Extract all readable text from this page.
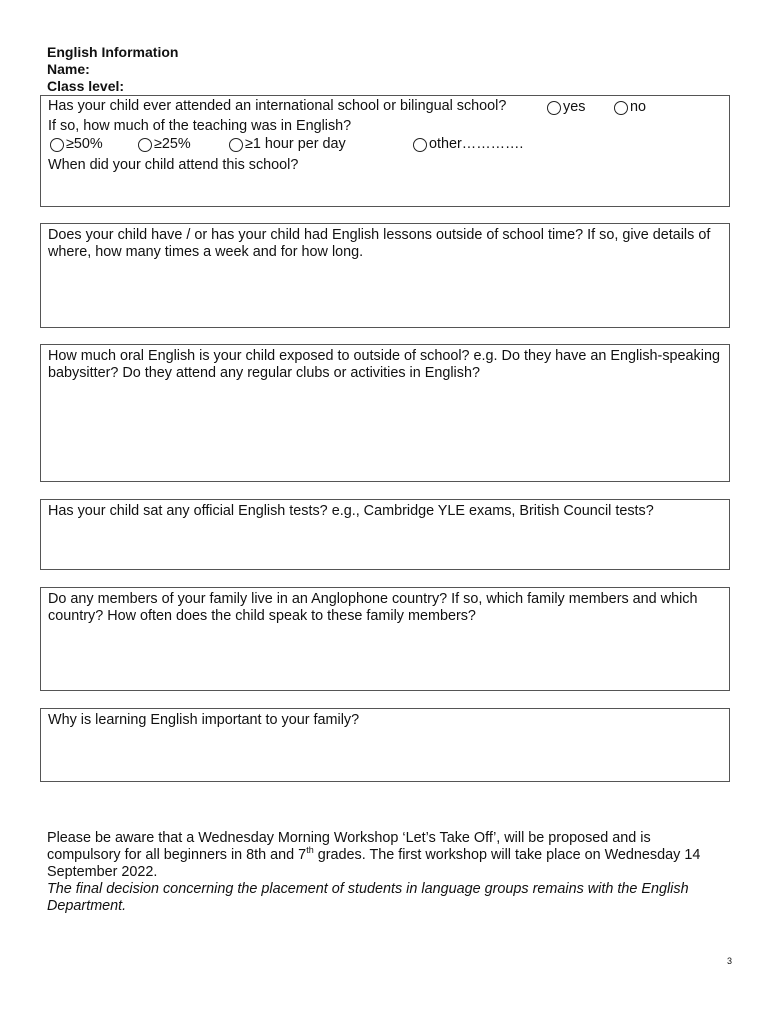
English Information
Name:
Class level:
Has your child ever attended an international school or bilingual school?	yes	no
If so, how much of the teaching was in English?
≥50%	≥25%	≥1 hour per day	other………….
When did your child attend this school?

Does your child have / or has your child had English lessons outside of school time? If so, give details of where, how many times a week and for how long.

How much oral English is your child exposed to outside of school? e.g. Do they have an English-speaking babysitter? Do they attend any regular clubs or activities in English?

Has your child sat any official English tests? e.g., Cambridge YLE exams, British Council tests?

Do any members of your family live in an Anglophone country? If so, which family members and which country? How often does the child speak to these family members?

Why is learning English important to your family?

Please be aware that a Wednesday Morning Workshop ‘Let’s Take Off’, will be proposed and is compulsory for all beginners in 8th and 7th grades. The first workshop will take place on Wednesday 14 September 2022.

The final decision concerning the placement of students in language groups remains with the English Department.

3
